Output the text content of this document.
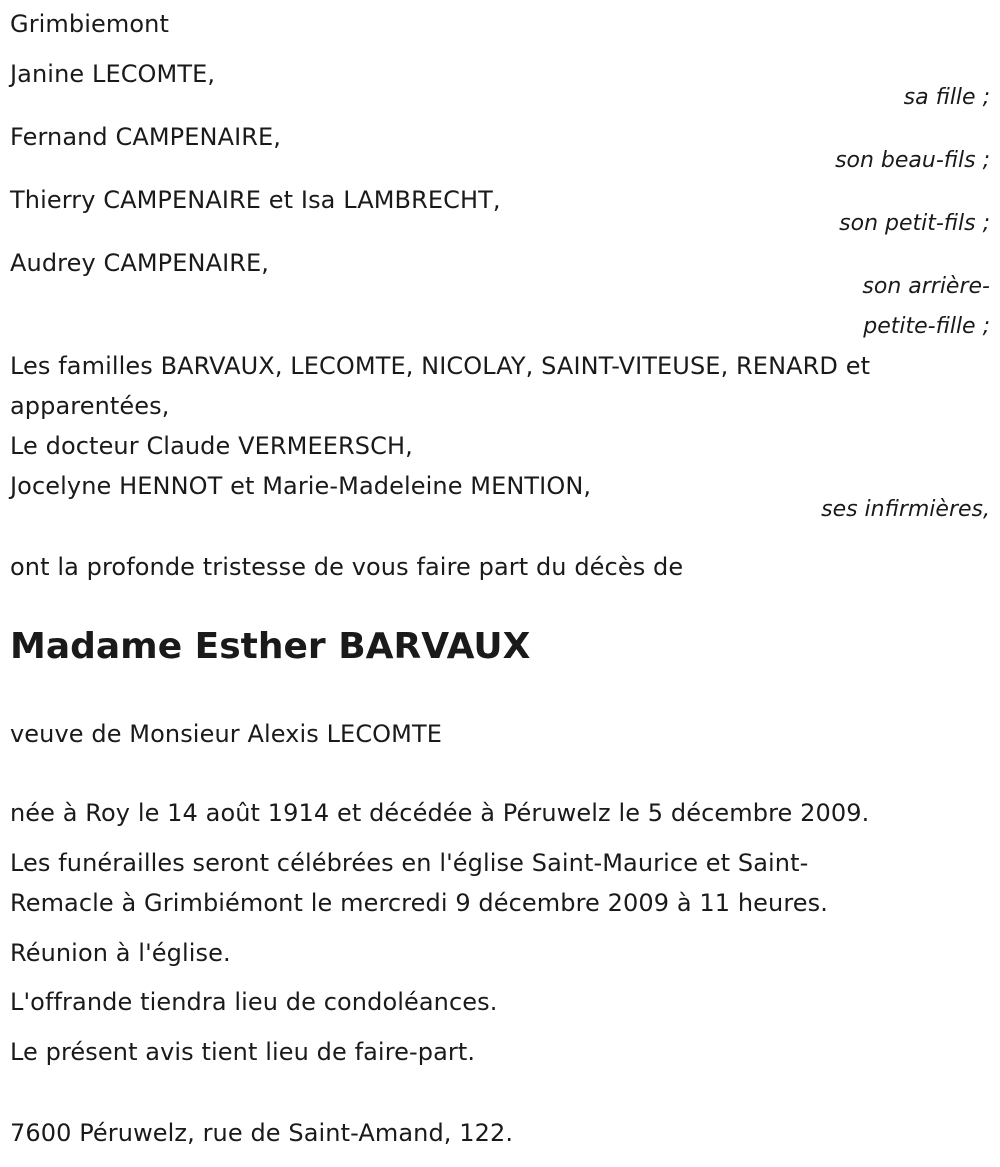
Grimbiemont
Janine LECOMTE,
sa fille ;
Fernand CAMPENAIRE,
son beau-fils ;
Thierry CAMPENAIRE et Isa LAMBRECHT,
son petit-fils ;
Audrey CAMPENAIRE,
son arrière-
petite-fille ;
Les familles BARVAUX, LECOMTE, NICOLAY, SAINT-VITEUSE, RENARD et
apparentées,
Le docteur Claude VERMEERSCH,
Jocelyne HENNOT et Marie-Madeleine MENTION,
ses infirmières,
ont la profonde tristesse de vous faire part du décès de
Madame Esther BARVAUX
veuve de Monsieur Alexis LECOMTE
née à Roy le 14 août 1914 et décédée à Péruwelz le 5 décembre 2009.
Les funérailles seront célébrées en l'église Saint-Maurice et Saint-
Remacle à Grimbiémont le mercredi 9 décembre 2009 à 11 heures.
Réunion à l'église.
L'offrande tiendra lieu de condoléances.
Le présent avis tient lieu de faire-part.
7600 Péruwelz, rue de Saint-Amand, 122.
